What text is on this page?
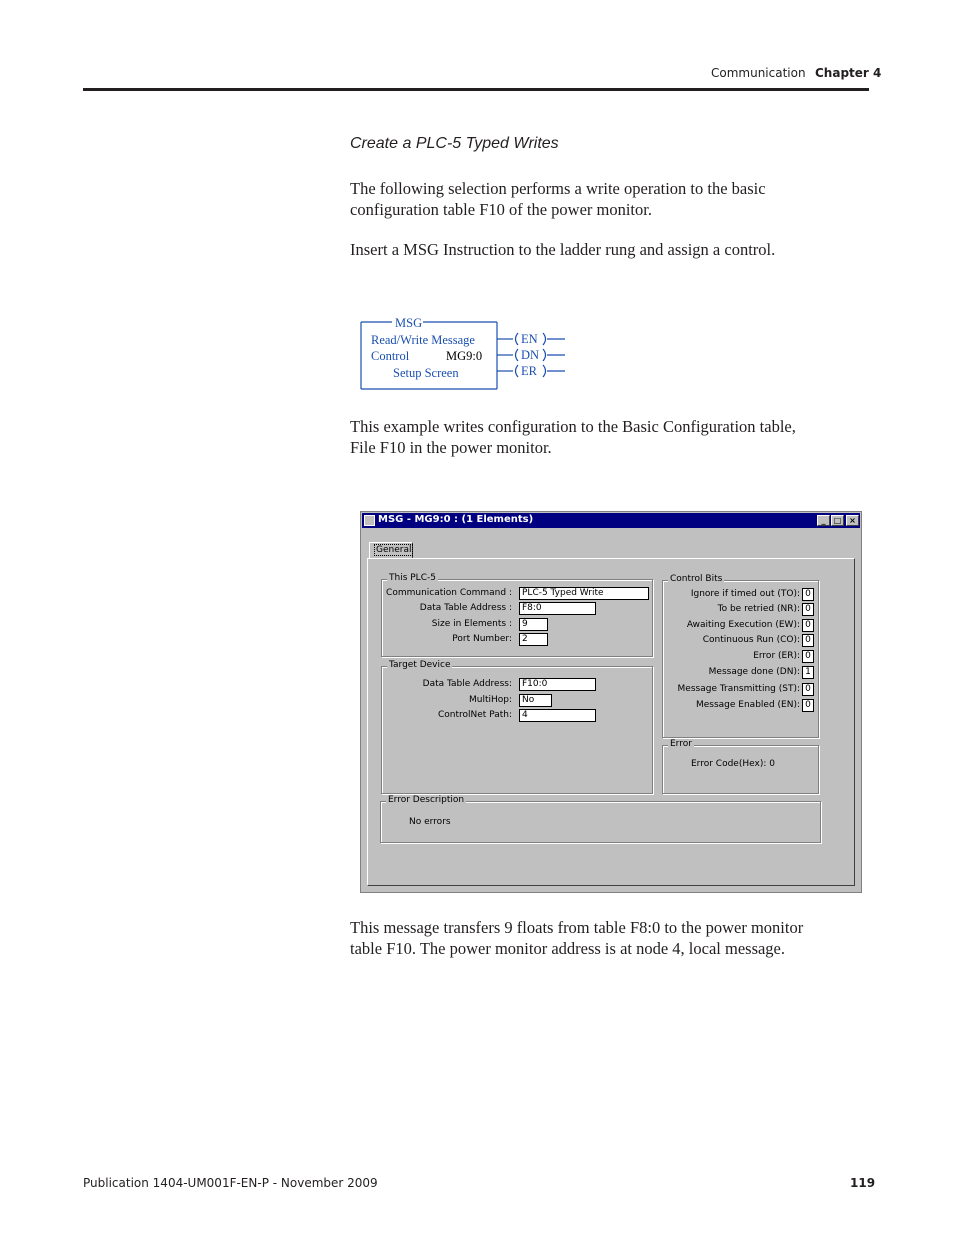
Communication Chapter 4
Create a PLC-5 Typed Writes
The following selection performs a write operation to the basic
configuration table F10 of the power monitor.
Insert a MSG Instruction to the ladder rung and assign a control.
MSG
Read/Write Message
Control	MG9:0
Setup Screen
EN
DN
ER
This example writes configuration to the Basic Configuration table,
File F10 in the power monitor.
MSG - MG9:0 : (1 Elements)	_	□ ×
General
This PLC-5
Communication Command :	PLC-5 Typed Write
Data Table Address :	F8:0
Size in Elements :	9
Port Number:	2
Target Device
Data Table Address:	F10:0
MultiHop:	No
ControlNet Path:	4
Control Bits
Ignore if timed out (TO): 0
To be retried (NR): 0
Awaiting Execution (EW): 0
Continuous Run (CO): 0
Error (ER): 0
Message done (DN): 1
Message Transmitting (ST): 0
Message Enabled (EN): 0
Error
Error Code(Hex): 0
Error Description
No errors
This message transfers 9 floats from table F8:0 to the power monitor
table F10. The power monitor address is at node 4, local message.
Publication 1404-UM001F-EN-P - November 2009	119
